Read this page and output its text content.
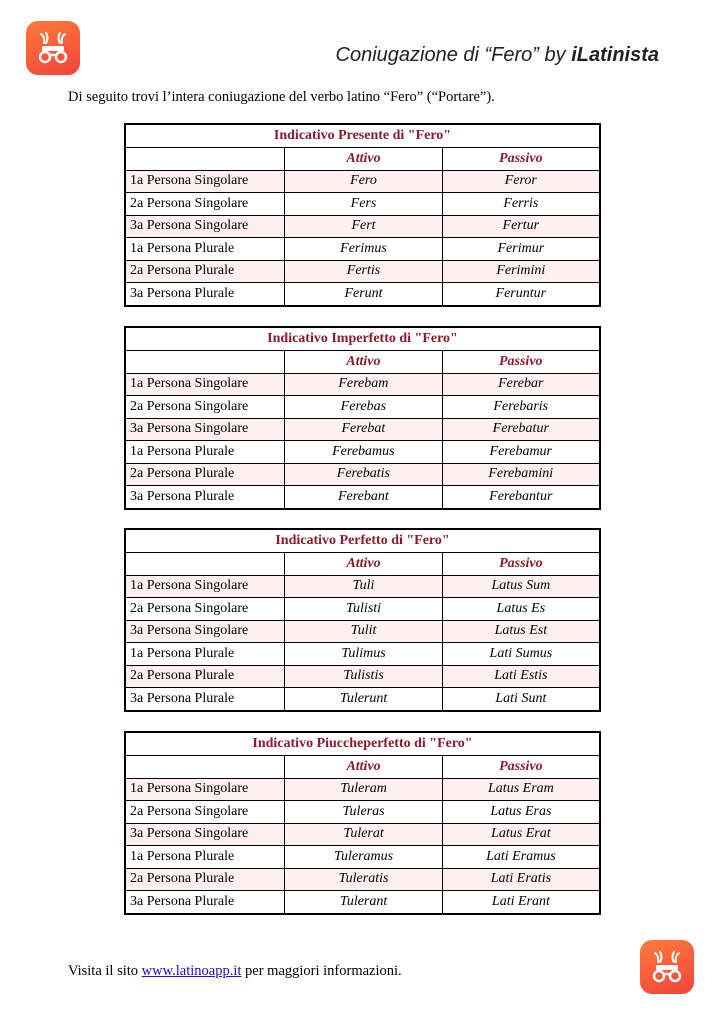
Coniugazione di “Fero” by iLatinista
Di seguito trovi l’intera coniugazione del verbo latino “Fero” (“Portare”).
Indicativo Presente di "Fero"		
	Attivo	Passivo
1a Persona Singolare	Fero	Feror
2a Persona Singolare	Fers	Ferris
3a Persona Singolare	Fert	Fertur
1a Persona Plurale	Ferimus	Ferimur
2a Persona Plurale	Fertis	Ferimini
3a Persona Plurale	Ferunt	Feruntur
Indicativo Imperfetto di "Fero"		
	Attivo	Passivo
1a Persona Singolare	Ferebam	Ferebar
2a Persona Singolare	Ferebas	Ferebaris
3a Persona Singolare	Ferebat	Ferebatur
1a Persona Plurale	Ferebamus	Ferebamur
2a Persona Plurale	Ferebatis	Ferebamini
3a Persona Plurale	Ferebant	Ferebantur
Indicativo Perfetto di "Fero"		
	Attivo	Passivo
1a Persona Singolare	Tuli	Latus Sum
2a Persona Singolare	Tulisti	Latus Es
3a Persona Singolare	Tulit	Latus Est
1a Persona Plurale	Tulimus	Lati Sumus
2a Persona Plurale	Tulistis	Lati Estis
3a Persona Plurale	Tulerunt	Lati Sunt
Indicativo Piuccheperfetto di "Fero"		
	Attivo	Passivo
1a Persona Singolare	Tuleram	Latus Eram
2a Persona Singolare	Tuleras	Latus Eras
3a Persona Singolare	Tulerat	Latus Erat
1a Persona Plurale	Tuleramus	Lati Eramus
2a Persona Plurale	Tuleratis	Lati Eratis
3a Persona Plurale	Tulerant	Lati Erant
Visita il sito www.latinoapp.it per maggiori informazioni.
